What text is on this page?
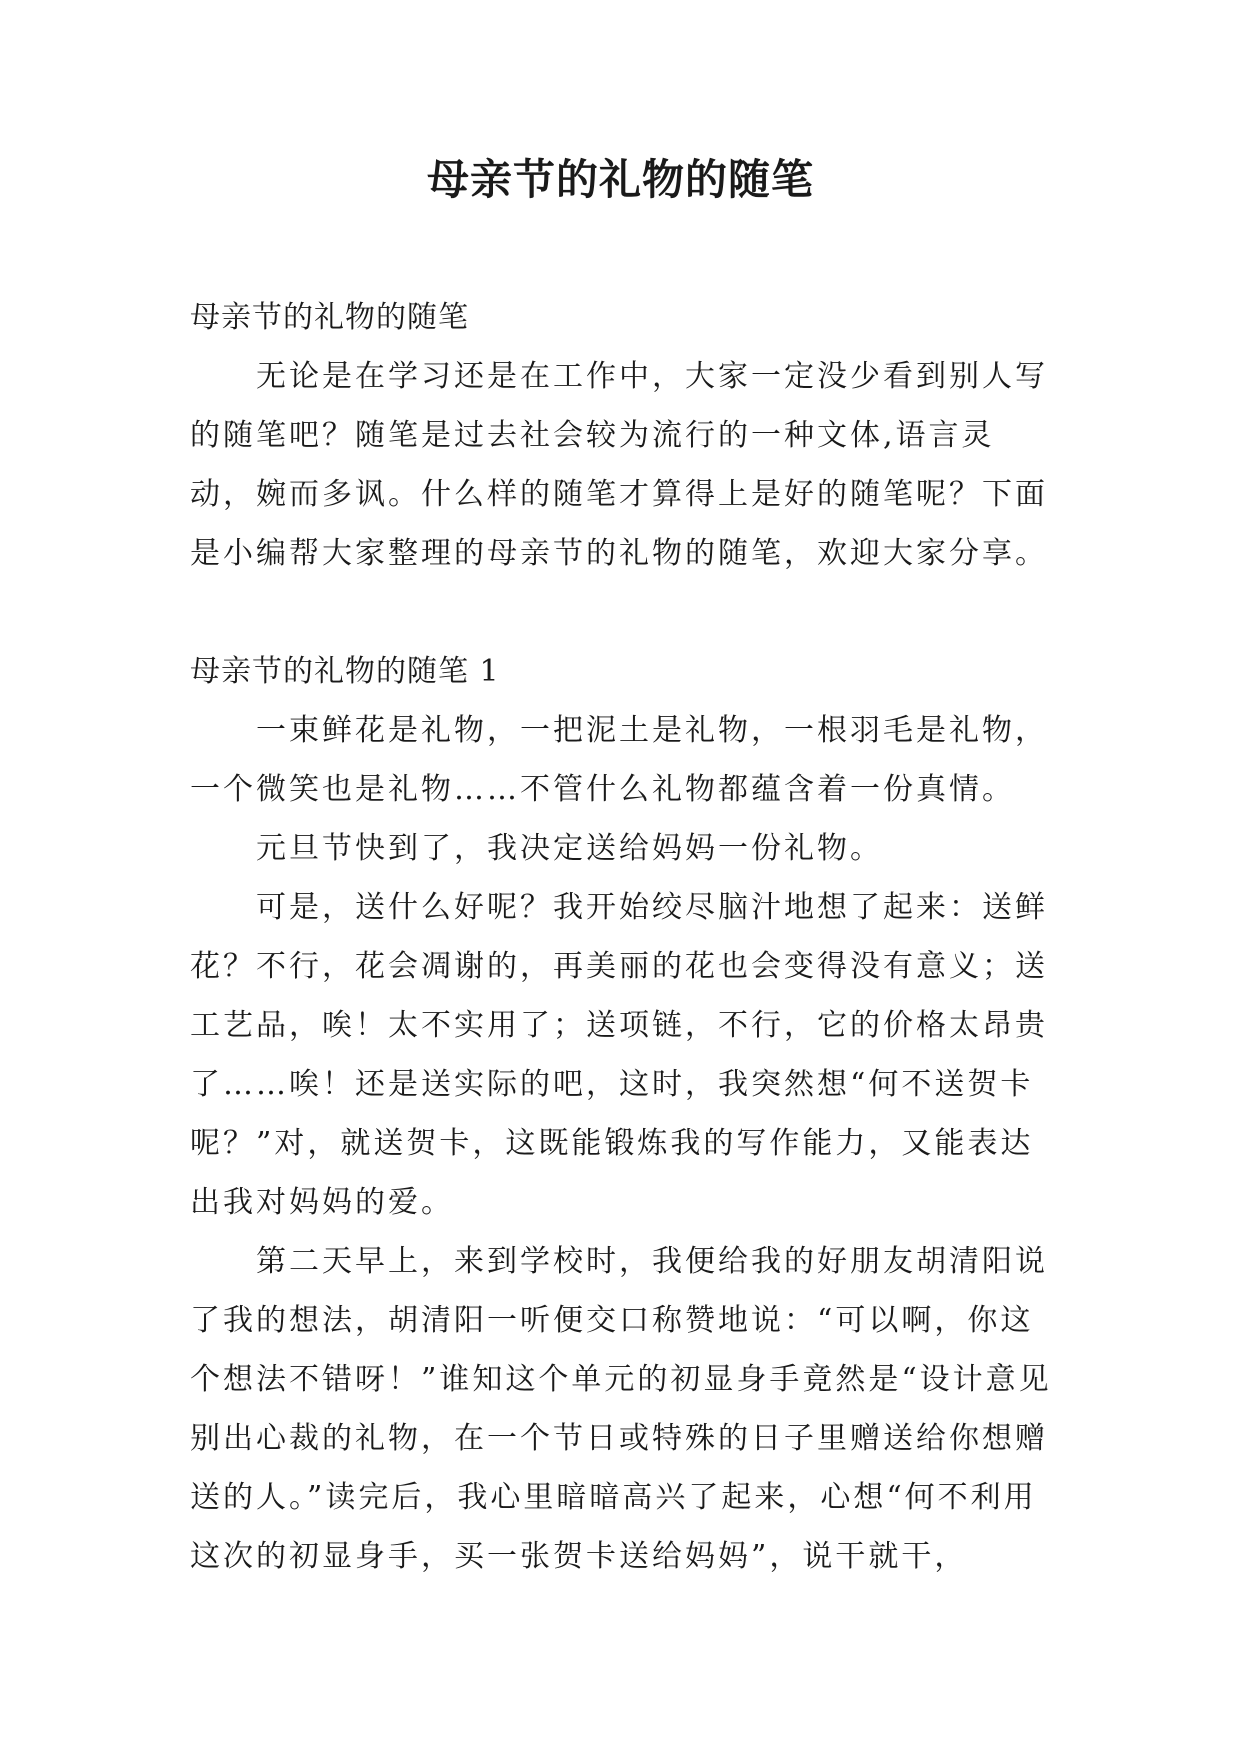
母亲节的礼物的随笔

母亲节的礼物的随笔

无论是在学习还是在工作中，大家一定没少看到别人写的随笔吧？随笔是过去社会较为流行的一种文体,语言灵动，婉而多讽。什么样的随笔才算得上是好的随笔呢？下面是小编帮大家整理的母亲节的礼物的随笔，欢迎大家分享。

母亲节的礼物的随笔 1

一束鲜花是礼物，一把泥土是礼物，一根羽毛是礼物，一个微笑也是礼物……不管什么礼物都蕴含着一份真情。

元旦节快到了，我决定送给妈妈一份礼物。

可是，送什么好呢？我开始绞尽脑汁地想了起来：送鲜花？不行，花会凋谢的，再美丽的花也会变得没有意义；送工艺品，唉！太不实用了；送项链，不行，它的价格太昂贵了……唉！还是送实际的吧，这时，我突然想“何不送贺卡呢？”对，就送贺卡，这既能锻炼我的写作能力，又能表达出我对妈妈的爱。

第二天早上，来到学校时，我便给我的好朋友胡清阳说了我的想法，胡清阳一听便交口称赞地说：“可以啊，你这个想法不错呀！”谁知这个单元的初显身手竟然是“设计意见别出心裁的礼物，在一个节日或特殊的日子里赠送给你想赠送的人。”读完后，我心里暗暗高兴了起来，心想“何不利用这次的初显身手，买一张贺卡送给妈妈”，说干就干，
